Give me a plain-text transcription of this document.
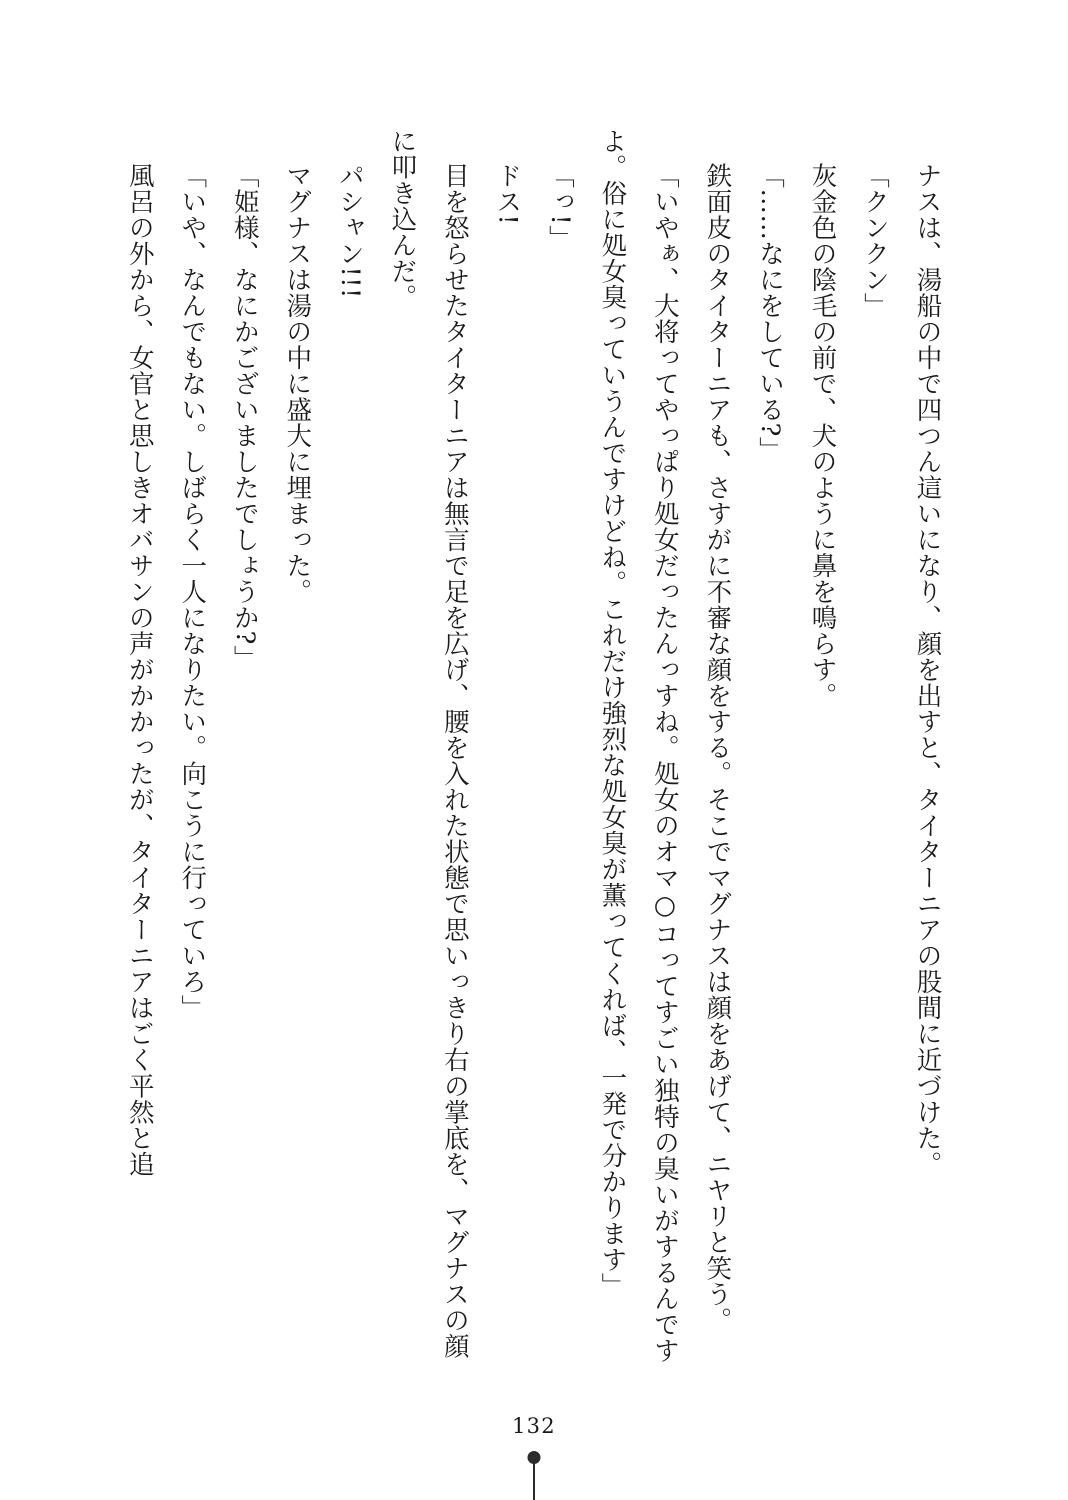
ナスは、湯船の中で四つん這いになり、顔を出すと、タイターニアの股間に近づけた。
「クンクン」
灰金色の陰毛の前で、犬のように鼻を鳴らす。
「……なにをしている?」
鉄面皮のタイターニアも、さすがに不審な顔をする。そこでマグナスは顔をあげて、ニヤリと笑う。
「いやぁ、大将ってやっぱり処女だったんっすね。処女のオマ○コってすごい独特の臭いがするんですよ。俗に処女臭っていうんですけどね。これだけ強烈な処女臭が薫ってくれば、一発で分かります」
「っ!」
ドス!
目を怒らせたタイターニアは無言で足を広げ、腰を入れた状態で思いっきり右の掌底を、マグナスの顔に叩き込んだ。
パシャン!!!
マグナスは湯の中に盛大に埋まった。
「姫様、なにかございましたでしょうか?」
「いや、なんでもない。しばらく一人になりたい。向こうに行っていろ」
風呂の外から、女官と思しきオバサンの声がかかったが、タイターニアはごく平然と追

132
